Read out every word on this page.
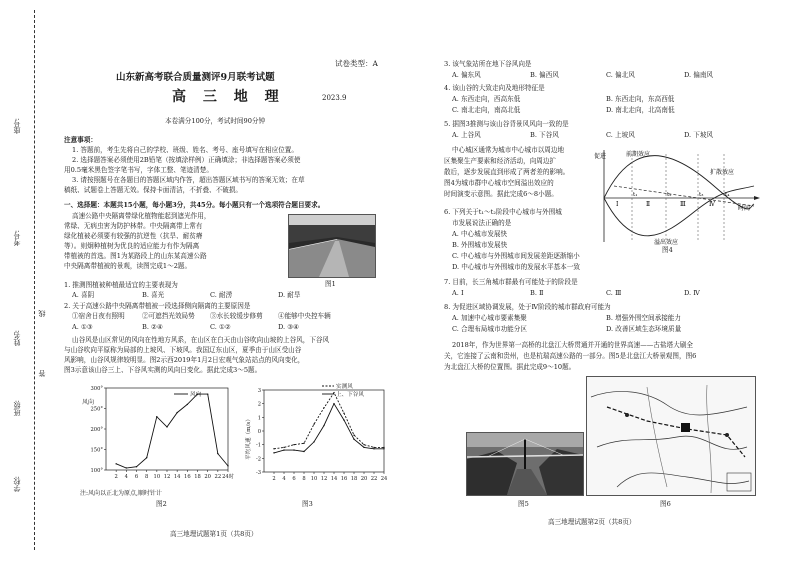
学校:
班级:
姓名:
考号:
座号:
答
线
试卷类型：A
山东新高考联合质量测评9月联考试题
高 三 地 理	2023.9
本卷满分100分，考试时间90分钟
注意事项：
1. 答题前，考生先将自己的学校、班级、姓名、考号、座号填写在相应位置。
2. 选择题答案必须使用2B铅笔（按填涂样例）正确填涂；非选择题答案必须使
用0.5毫米黑色签字笔书写，字体工整、笔迹清楚。
3. 请按照题号在各题目的答题区域内作答，超出答题区域书写的答案无效；在草
稿纸、试题卷上答题无效。保持卡面清洁，不折叠、不破损。
一、选择题：本题共15小题，每小题3分，共45分。每小题只有一个选项符合题目要求。
高速公路中央隔离带绿化植物能起到遮光作用，
常绿、无病虫害为防护林带。中央隔离带上常有
绿化植被必须要有较强的抗逆性（抗旱、耐贫瘠
等）。则炯种植树为优良的适应能力有作为隔离
带植被的首选。图1为某路段上的山东某高速公路
中央隔离带植被的景观，读图完成1～2题。
图1
1. 推测图植被种植最适宜的主要表现为
A. 喜阴	B. 喜光	C. 耐涝	D. 耐旱
2. 关于高速公路中央隔离带植被一段选择侧向隔离的主要原因是
①宿舍日夜有照明	②可遮挡光效局势 ③水长较缓步修剪 ④能够中央控车辆
A. ①③	B. ②④	C. ①②	D. ③④
山谷风是山区常见的风向在性地方风系，在山区在白天由山谷吹向山坡的上谷风，下谷风
与山谷吹向平原称为局部的上坡风、下坡风。我国辽东山区，夏季由于山区受山谷
风影响，山谷风规律较明显。图2示西2019年1月2日宏观气象站站点的风向变化，
图3示意该山谷三上、下谷风实测的风向日变化。据此完成3～5题。
300°
250°
200°
150°
100°
2 4 6 8 10 12 14 16 18 20 22 24时
风向
风向
注:风向以正北为原点,顺时针计
图2
3
2
1
0
-1
-2
-3
2 4 6 8 10 12 14 16 18 20 22 24
平均风速（m/s）
实测风
上、下谷风
图3
高三地理试题第1页（共8页）
3. 该气象站所在地下谷风向是
A. 偏东风	B. 偏西风	C. 偏北风	D. 偏南风
4. 该山谷的大致走向及地形特征是
A. 东西走向，西高东低	B. 东西走向，东高西低
C. 南北走向，南高北低	D. 南北走向，北高南低
5. 据图3推测与该山谷背景风风向一致的是
A. 上谷风	B. 下谷风	C. 上坡风	D. 下坡风
中心城区通常为城市中心城市以周边地
区集聚生产要素和经济活动，向周边扩
散后，逐步发展直到形成了两者差的影响。
图4为城市群中心城市空间溢出效应的
时间演变示意图。据此完成6～8小题。
前期效应
促进
扩散效应
溢出效应
时间
Ⅰ	Ⅱ	Ⅲ	Ⅳ
t₁	t₂	t₃	t₄
图4
6. 下列关于t₁～t₂阶段中心城市与外围城
市发展说法正确的是
A. 中心城市发展快
B. 外围城市发展快
C. 中心城市与外围城市间发展差距逐渐缩小
D. 中心城市与外围城市的发展水平基本一致
7. 目前，长三角城市群最有可能处于的阶段是
A. Ⅰ	B. Ⅱ	C. Ⅲ	D. Ⅳ
8. 为促进区域协调发展，处于Ⅳ阶段的城市群政府可能为
A. 加速中心城市要素集聚	B. 增强外围空间承接能力
C. 合理布局城市功能分区	D. 改善区域生态环境质量
2018年，作为世界第一高桥的北盘江大桥贯通并开通的世界高速——古盐塔大刷全
关，它连接了云南和贵州，也是杭瑞高速公路的一部分。图5是北盘江大桥景观图，图6
为北盘江大桥的位置图。据此完成9～10题。
图5	图6
高三地理试题第2页（共8页）
